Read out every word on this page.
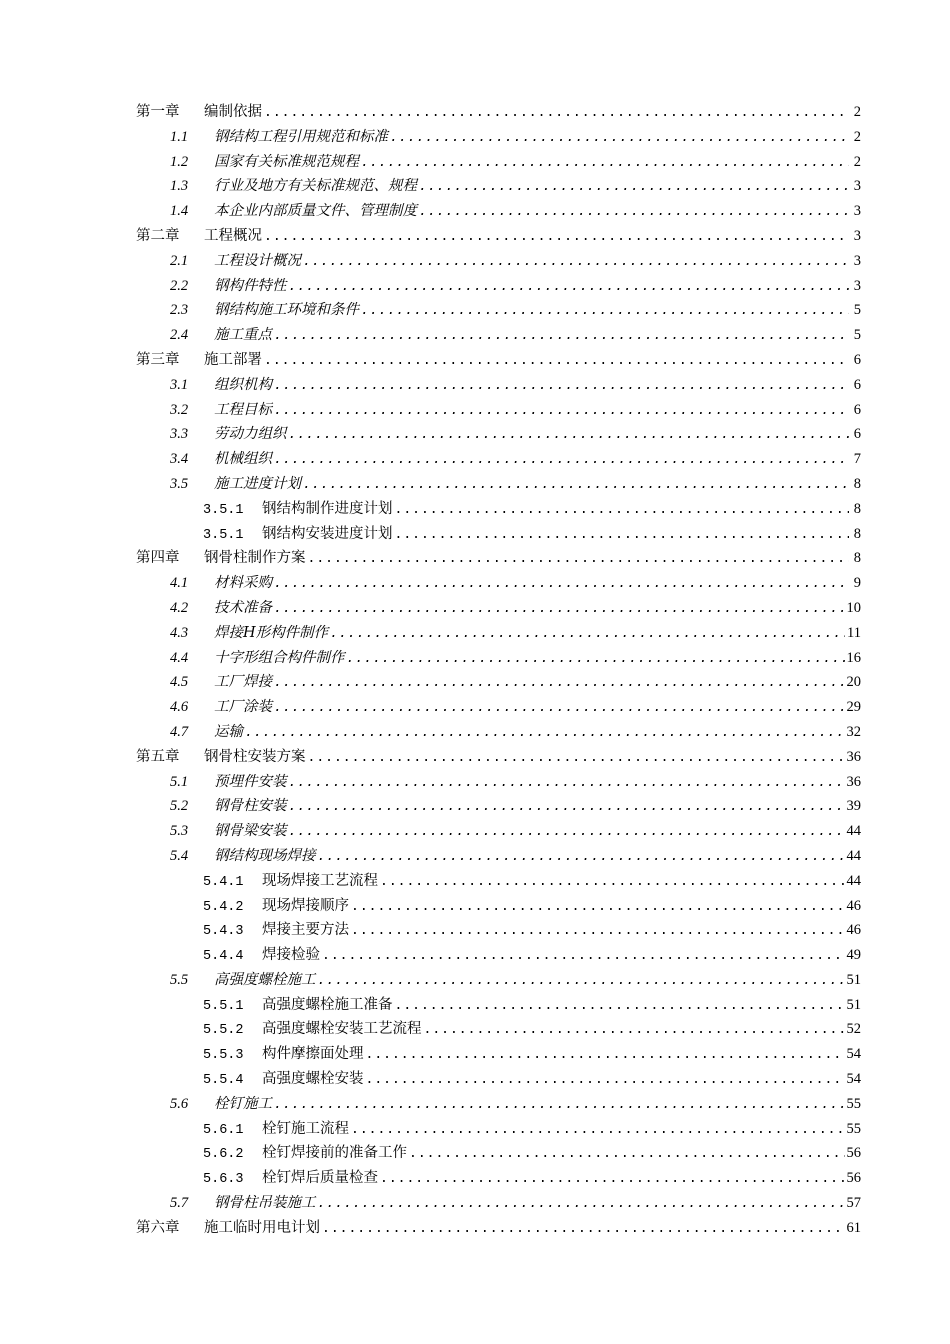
第一章	编制依据 .....	2
1.1	钢结构工程引用规范和标准 .....	2
1.2	国家有关标准规范规程 .....	2
1.3	行业及地方有关标准规范、规程 .....	3
1.4	本企业内部质量文件、管理制度 .....	3
第二章	工程概况 .....	3
2.1	工程设计概况 .....	3
2.2	钢构件特性 .....	3
2.3	钢结构施工环境和条件 .....	5
2.4	施工重点 .....	5
第三章	施工部署 .....	6
3.1	组织机构 .....	6
3.2	工程目标 .....	6
3.3	劳动力组织 .....	6
3.4	机械组织 .....	7
3.5	施工进度计划 .....	8
3.5.1	钢结构制作进度计划 .....	8
3.5.1	钢结构安装进度计划 .....	8
第四章	钢骨柱制作方案 .....	8
4.1	材料采购 .....	9
4.2	技术准备 .....	10
4.3	焊接H形构件制作 .....	11
4.4	十字形组合构件制作 .....	16
4.5	工厂焊接 .....	20
4.6	工厂涂装 .....	29
4.7	运输 .....	32
第五章	钢骨柱安装方案 .....	36
5.1	预埋件安装 .....	36
5.2	钢骨柱安装 .....	39
5.3	钢骨梁安装 .....	44
5.4	钢结构现场焊接 .....	44
5.4.1	现场焊接工艺流程 .....	44
5.4.2	现场焊接顺序 .....	46
5.4.3	焊接主要方法 .....	46
5.4.4	焊接检验 .....	49
5.5	高强度螺栓施工 .....	51
5.5.1	高强度螺栓施工准备 .....	51
5.5.2	高强度螺栓安装工艺流程 .....	52
5.5.3	构件摩擦面处理 .....	54
5.5.4	高强度螺栓安装 .....	54
5.6	栓钉施工 .....	55
5.6.1	栓钉施工流程 .....	55
5.6.2	栓钉焊接前的准备工作 .....	56
5.6.3	栓钉焊后质量检查 .....	56
5.7	钢骨柱吊装施工 .....	57
第六章	施工临时用电计划 .....	61
